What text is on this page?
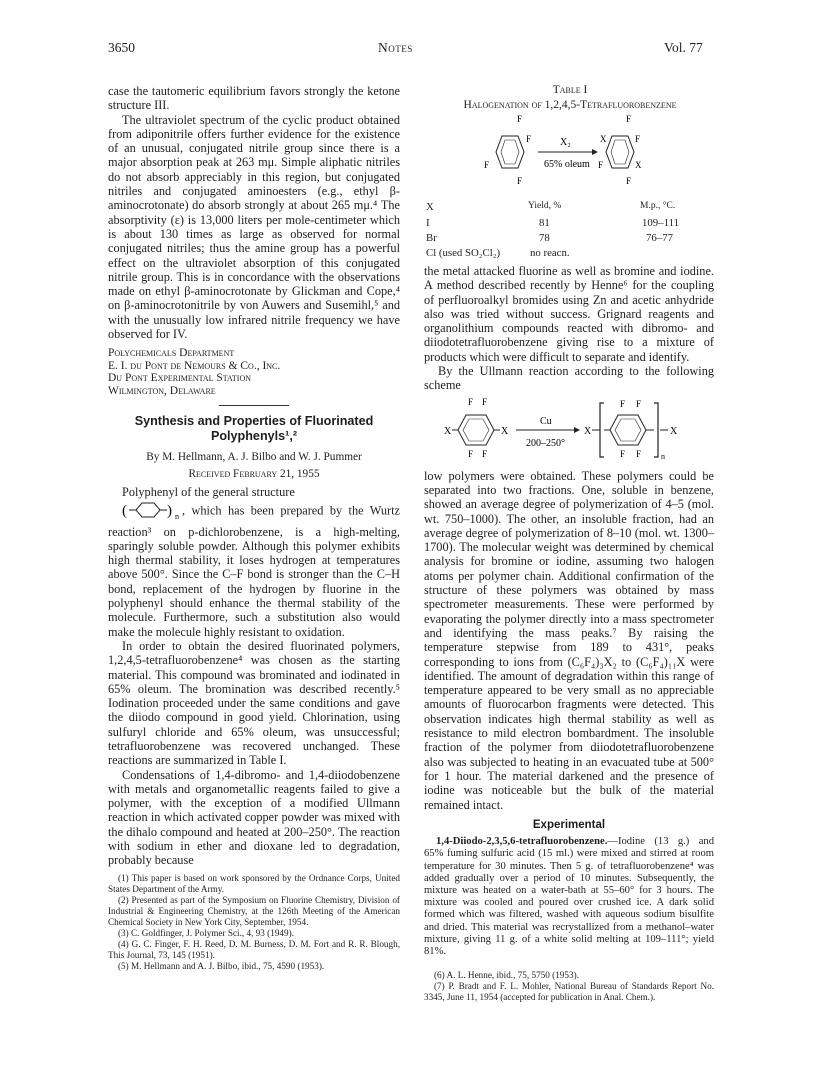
3650	Notes	Vol. 77

case the tautomeric equilibrium favors strongly the ketone structure III.

The ultraviolet spectrum of the cyclic product obtained from adiponitrile offers further evidence for the existence of an unusual, conjugated nitrile group since there is a major absorption peak at 263 mμ. Simple aliphatic nitriles do not absorb appreciably in this region, but conjugated nitriles and conjugated aminoesters (e.g., ethyl β-aminocrotonate) do absorb strongly at about 265 mμ.⁴ The absorptivity (ε) is 13,000 liters per mole-centimeter which is about 130 times as large as observed for normal conjugated nitriles; thus the amine group has a powerful effect on the ultraviolet absorption of this conjugated nitrile group. This is in concordance with the observations made on ethyl β-aminocrotonate by Glickman and Cope,⁴ on β-aminocrotonitrile by von Auwers and Susemihl,⁵ and with the unusually low infrared nitrile frequency we have observed for IV.

Polychemicals Department
E. I. du Pont de Nemours & Co., Inc.
Du Pont Experimental Station
Wilmington, Delaware
Synthesis and Properties of Fluorinated Polyphenyls¹,²
By M. Hellmann, A. J. Bilbo and W. J. Pummer
Received February 21, 1955

Polyphenyl of the general structure

(	) n , which has been prepared by the Wurtz reaction³ on p-dichlorobenzene, is a high-melting, sparingly soluble powder. Although this polymer exhibits high thermal stability, it loses hydrogen at temperatures above 500°. Since the C–F bond is stronger than the C–H bond, replacement of the hydrogen by fluorine in the polyphenyl should enhance the thermal stability of the molecule. Furthermore, such a substitution also would make the molecule highly resistant to oxidation.

In order to obtain the desired fluorinated polymers, 1,2,4,5-tetrafluorobenzene⁴ was chosen as the starting material. This compound was brominated and iodinated in 65% oleum. The bromination was described recently.⁵ Iodination proceeded under the same conditions and gave the diiodo compound in good yield. Chlorination, using sulfuryl chloride and 65% oleum, was unsuccessful; tetrafluorobenzene was recovered unchanged. These reactions are summarized in Table I.

Condensations of 1,4-dibromo- and 1,4-diiodobenzene with metals and organometallic reagents failed to give a polymer, with the exception of a modified Ullmann reaction in which activated copper powder was mixed with the dihalo compound and heated at 200–250°. The reaction with sodium in ether and dioxane led to degradation, probably because

(1) This paper is based on work sponsored by the Ordnance Corps, United States Department of the Army.

(2) Presented as part of the Symposium on Fluorine Chemistry, Division of Industrial & Engineering Chemistry, at the 126th Meeting of the American Chemical Society in New York City, September, 1954.

(3) C. Goldfinger, J. Polymer Sci., 4, 93 (1949).

(4) G. C. Finger, F. H. Reed, D. M. Burness, D. M. Fort and R. R. Blough, This Journal, 73, 145 (1951).

(5) M. Hellmann and A. J. Bilbo, ibid., 75, 4590 (1953).

Table I
Halogenation of 1,2,4,5-Tetrafluorobenzene
F
F
F
F
X₂
65% oleum
F
X	F
F	X
F
X	Yield, %	M.p., °C.
I	81	109–111
Br	78	76–77
Cl (used SO₂Cl₂)	no reacn.

the metal attacked fluorine as well as bromine and iodine. A method described recently by Henne⁶ for the coupling of perfluoroalkyl bromides using Zn and acetic anhydride also was tried without success. Grignard reagents and organolithium compounds reacted with dibromo- and diiodotetrafluorobenzene giving rise to a mixture of products which were difficult to separate and identify.

By the Ullmann reaction according to the following scheme

F F
X	X
F F
Cu
200–250°
X
F F
F F n
X

low polymers were obtained. These polymers could be separated into two fractions. One, soluble in benzene, showed an average degree of polymerization of 4–5 (mol. wt. 750–1000). The other, an insoluble fraction, had an average degree of polymerization of 8–10 (mol. wt. 1300–1700). The molecular weight was determined by chemical analysis for bromine or iodine, assuming two halogen atoms per polymer chain. Additional confirmation of the structure of these polymers was obtained by mass spectrometer measurements. These were performed by evaporating the polymer directly into a mass spectrometer and identifying the mass peaks.⁷ By raising the temperature stepwise from 189 to 431°, peaks corresponding to ions from (C₆F₄)₃X₂ to (C₆F₄)₁₁X were identified. The amount of degradation within this range of temperature appeared to be very small as no appreciable amounts of fluorocarbon fragments were detected. This observation indicates high thermal stability as well as resistance to mild electron bombardment. The insoluble fraction of the polymer from diiodotetrafluorobenzene also was subjected to heating in an evacuated tube at 500° for 1 hour. The material darkened and the presence of iodine was noticeable but the bulk of the material remained intact.

Experimental

1,4-Diiodo-2,3,5,6-tetrafluorobenzene.—Iodine (13 g.) and 65% fuming sulfuric acid (15 ml.) were mixed and stirred at room temperature for 30 minutes. Then 5 g. of tetrafluorobenzene⁴ was added gradually over a period of 10 minutes. Subsequently, the mixture was heated on a water-bath at 55–60° for 3 hours. The mixture was cooled and poured over crushed ice. A dark solid formed which was filtered, washed with aqueous sodium bisulfite and dried. This material was recrystallized from a methanol–water mixture, giving 11 g. of a white solid melting at 109–111°; yield 81%.

(6) A. L. Henne, ibid., 75, 5750 (1953).

(7) P. Bradt and F. L. Mohler, National Bureau of Standards Report No. 3345, June 11, 1954 (accepted for publication in Anal. Chem.).
